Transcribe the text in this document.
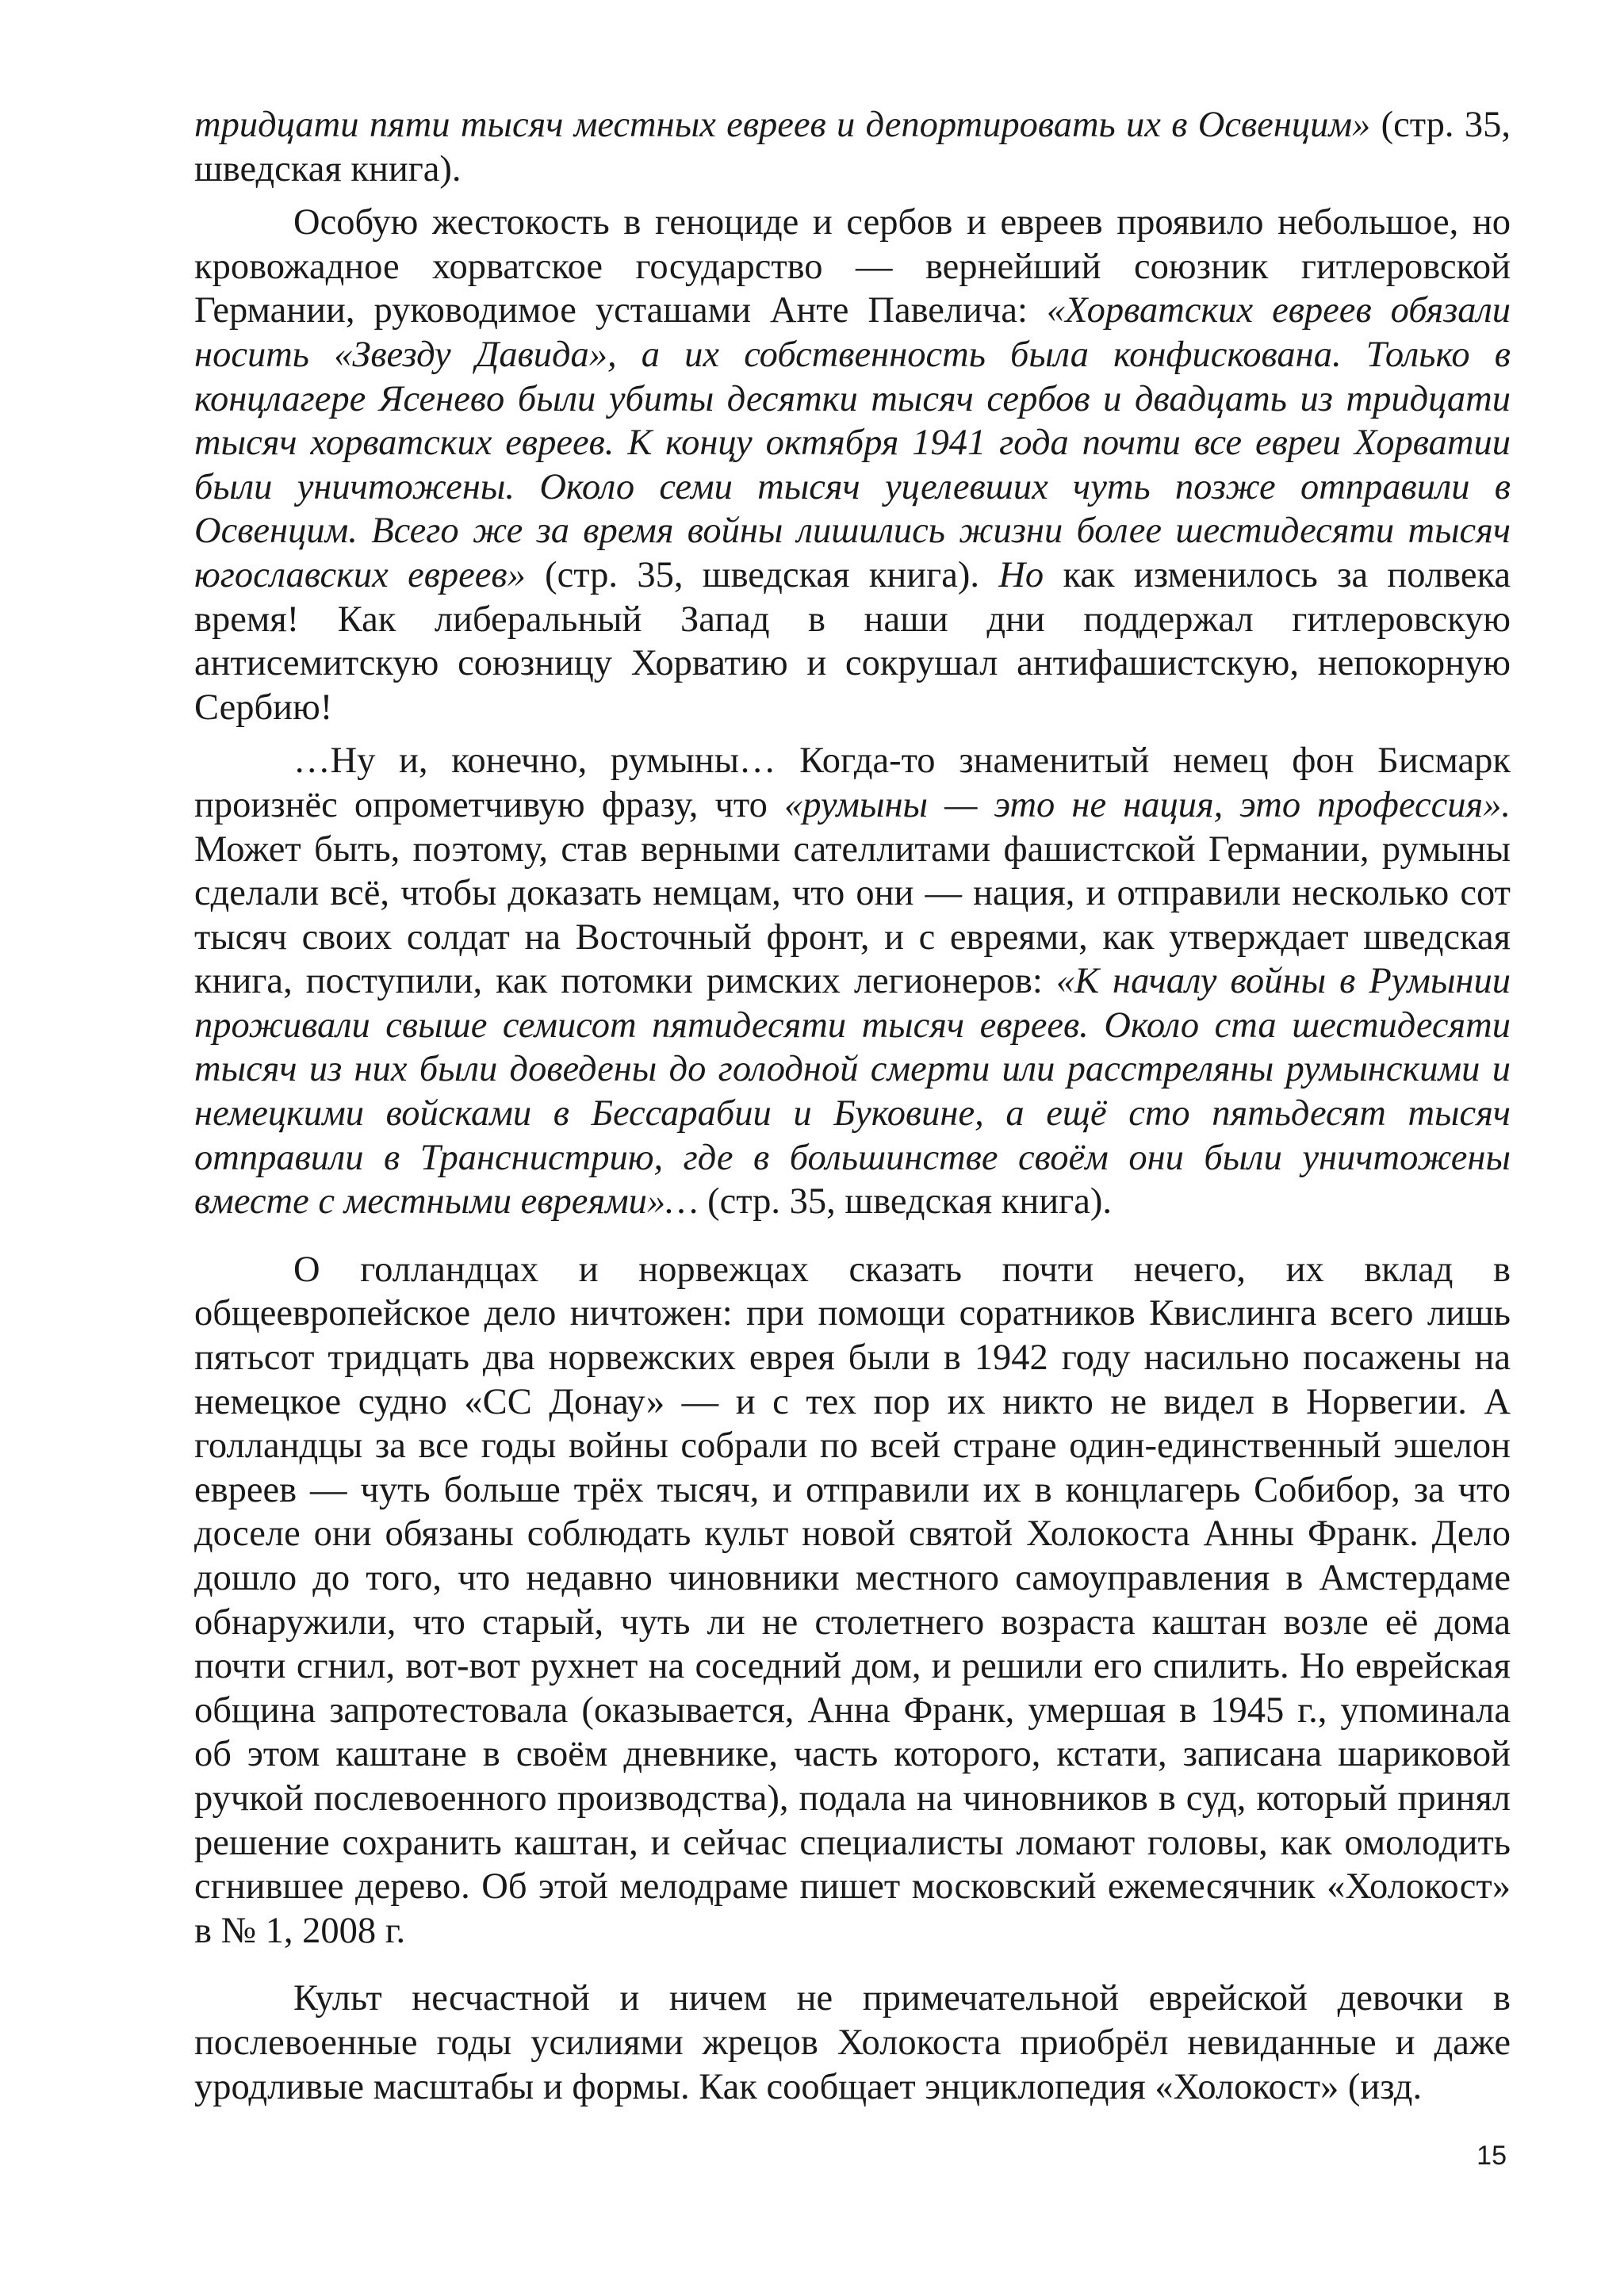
тридцати пяти тысяч местных евреев и депортировать их в Освенцим» (стр. 35, шведская книга).

Особую жестокость в геноциде и сербов и евреев проявило небольшое, но кровожадное хорватское государство — вернейший союзник гитлеровской Германии, руководимое усташами Анте Павелича: «Хорватских евреев обязали носить «Звезду Давида», а их собственность была конфискована. Только в концлагере Ясеневo были убиты десятки тысяч сербов и двадцать из тридцати тысяч хорватских евреев. К концу октября 1941 года почти все евреи Хорватии были уничтожены. Около семи тысяч уцелевших чуть позже отправили в Освенцим. Всего же за время войны лишились жизни более шестидесяти тысяч югославских евреев» (стр. 35, шведская книга). Но как изменилось за полвека время! Как либеральный Запад в наши дни поддержал гитлеровскую антисемитскую союзницу Хорватию и сокрушал антифашистскую, непокорную Сербию!

…Ну и, конечно, румыны… Когда-то знаменитый немец фон Бисмарк произнёс опрометчивую фразу, что «румыны — это не нация, это профессия». Может быть, поэтому, став верными сателлитами фашистской Германии, румыны сделали всё, чтобы доказать немцам, что они — нация, и отправили несколько сот тысяч своих солдат на Восточный фронт, и с евреями, как утверждает шведская книга, поступили, как потомки римских легионеров: «К началу войны в Румынии проживали свыше семисот пятидесяти тысяч евреев. Около ста шестидесяти тысяч из них были доведены до голодной смерти или расстреляны румынскими и немецкими войсками в Бессарабии и Буковине, а ещё сто пятьдесят тысяч отправили в Транснистрию, где в большинстве своём они были уничтожены вместе с местными евреями»… (стр. 35, шведская книга).

О голландцах и норвежцах сказать почти нечего, их вклад в общеевропейское дело ничтожен: при помощи соратников Квислинга всего лишь пятьсот тридцать два норвежских еврея были в 1942 году насильно посажены на немецкое судно «СС Донау» — и с тех пор их никто не видел в Норвегии. А голландцы за все годы войны собрали по всей стране один-единственный эшелон евреев — чуть больше трёх тысяч, и отправили их в концлагерь Собибор, за что доселе они обязаны соблюдать культ новой святой Холокоста Анны Франк. Дело дошло до того, что недавно чиновники местного самоуправления в Амстердаме обнаружили, что старый, чуть ли не столетнего возраста каштан возле её дома почти сгнил, вот-вот рухнет на соседний дом, и решили его спилить. Но еврейская община запротестовала (оказывается, Анна Франк, умершая в 1945 г., упоминала об этом каштане в своём дневнике, часть которого, кстати, записана шариковой ручкой послевоенного производства), подала на чиновников в суд, который принял решение сохранить каштан, и сейчас специалисты ломают головы, как омолодить сгнившее дерево. Об этой мелодраме пишет московский ежемесячник «Холокост» в № 1, 2008 г.

Культ несчастной и ничем не примечательной еврейской девочки в послевоенные годы усилиями жрецов Холокоста приобрёл невиданные и даже уродливые масштабы и формы. Как сообщает энциклопедия «Холокост» (изд.

15
